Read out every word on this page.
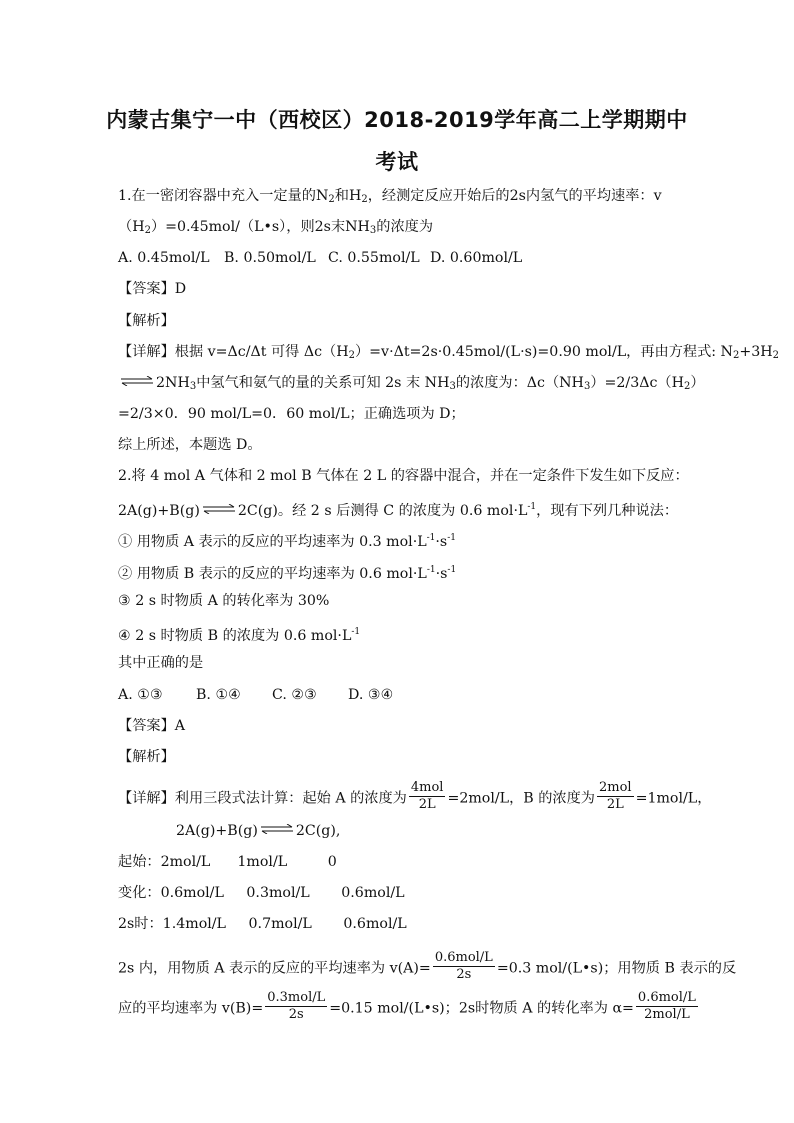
内蒙古集宁一中（西校区）2018-2019学年高二上学期期中
考试
1.在一密闭容器中充入一定量的$N_2$和$H_2$，经测定反应开始后的2s内氢气的平均速率：v
$(H_2)=0.45mol/(L•s)$，则2s末$NH_3$的浓度为
A. 0.45mol/L B. 0.50mol/L C. 0.55mol/L D. 0.60mol/L
【答案】D
【解析】
【详解】根据 v=Δc/Δt 可得 $\Delta c(H_2)=v\cdot\Delta t=2s\cdot 0.45mol/(L\cdot s)=0.90$ mol/L，再由方程式: $N_2+3H_2$
⇌ $2NH_3$中氢气和氨气的量的关系可知 2s 末 $NH_3$的浓度为：$\Delta c(NH_3)=2/3\Delta c(H_2)$
=2/3×0．90 mol/L=0．60 mol/L；正确选项为 D；
综上所述，本题选 D。
2.将 4 mol A 气体和 2 mol B 气体在 2 L 的容器中混合，并在一定条件下发生如下反应：
2A(g)+B(g) ⇌ 2C(g)。经 2 s 后测得 C 的浓度为 0.6 $mol\cdot L^{-1}$，现有下列几种说法：
① 用物质 A 表示的反应的平均速率为 0.3 $mol\cdot L^{-1}\cdot s^{-1}$
② 用物质 B 表示的反应的平均速率为 0.6 $mol\cdot L^{-1}\cdot s^{-1}$
③ 2 s 时物质 A 的转化率为 30%
④ 2 s 时物质 B 的浓度为 0.6 $mol\cdot L^{-1}$
其中正确的是
A. ①③ B. ①④ C. ②③ D. ③④
【答案】A
【解析】
【详解】利用三段式法计算：起始 A 的浓度为 $\frac{\text{4mol}}{2L} =2mol/L$，B 的浓度为 $\frac{\text{2mol}}{2L} =1mol/L$，
2A(g)+B(g) ⇌ 2C(g),
起始：2mol/L      1mol/L         0
变化：0.6mol/L     0.3mol/L       0.6mol/L
2s时：1.4mol/L     0.7mol/L       0.6mol/L
2s 内，用物质 A 表示的反应的平均速率为 $v(A)= \frac{\text{0.6mol/L}}{2s} =0.3$ mol/(L•s)；用物质 B 表示的反
应的平均速率为 $v(B)= \frac{\text{0.3mol/L}}{2s} =0.15$ mol/(L•s)；2s时物质 A 的转化率为 $\alpha= \frac{\text{0.6mol/L}}{\text{2mol/L}}$
